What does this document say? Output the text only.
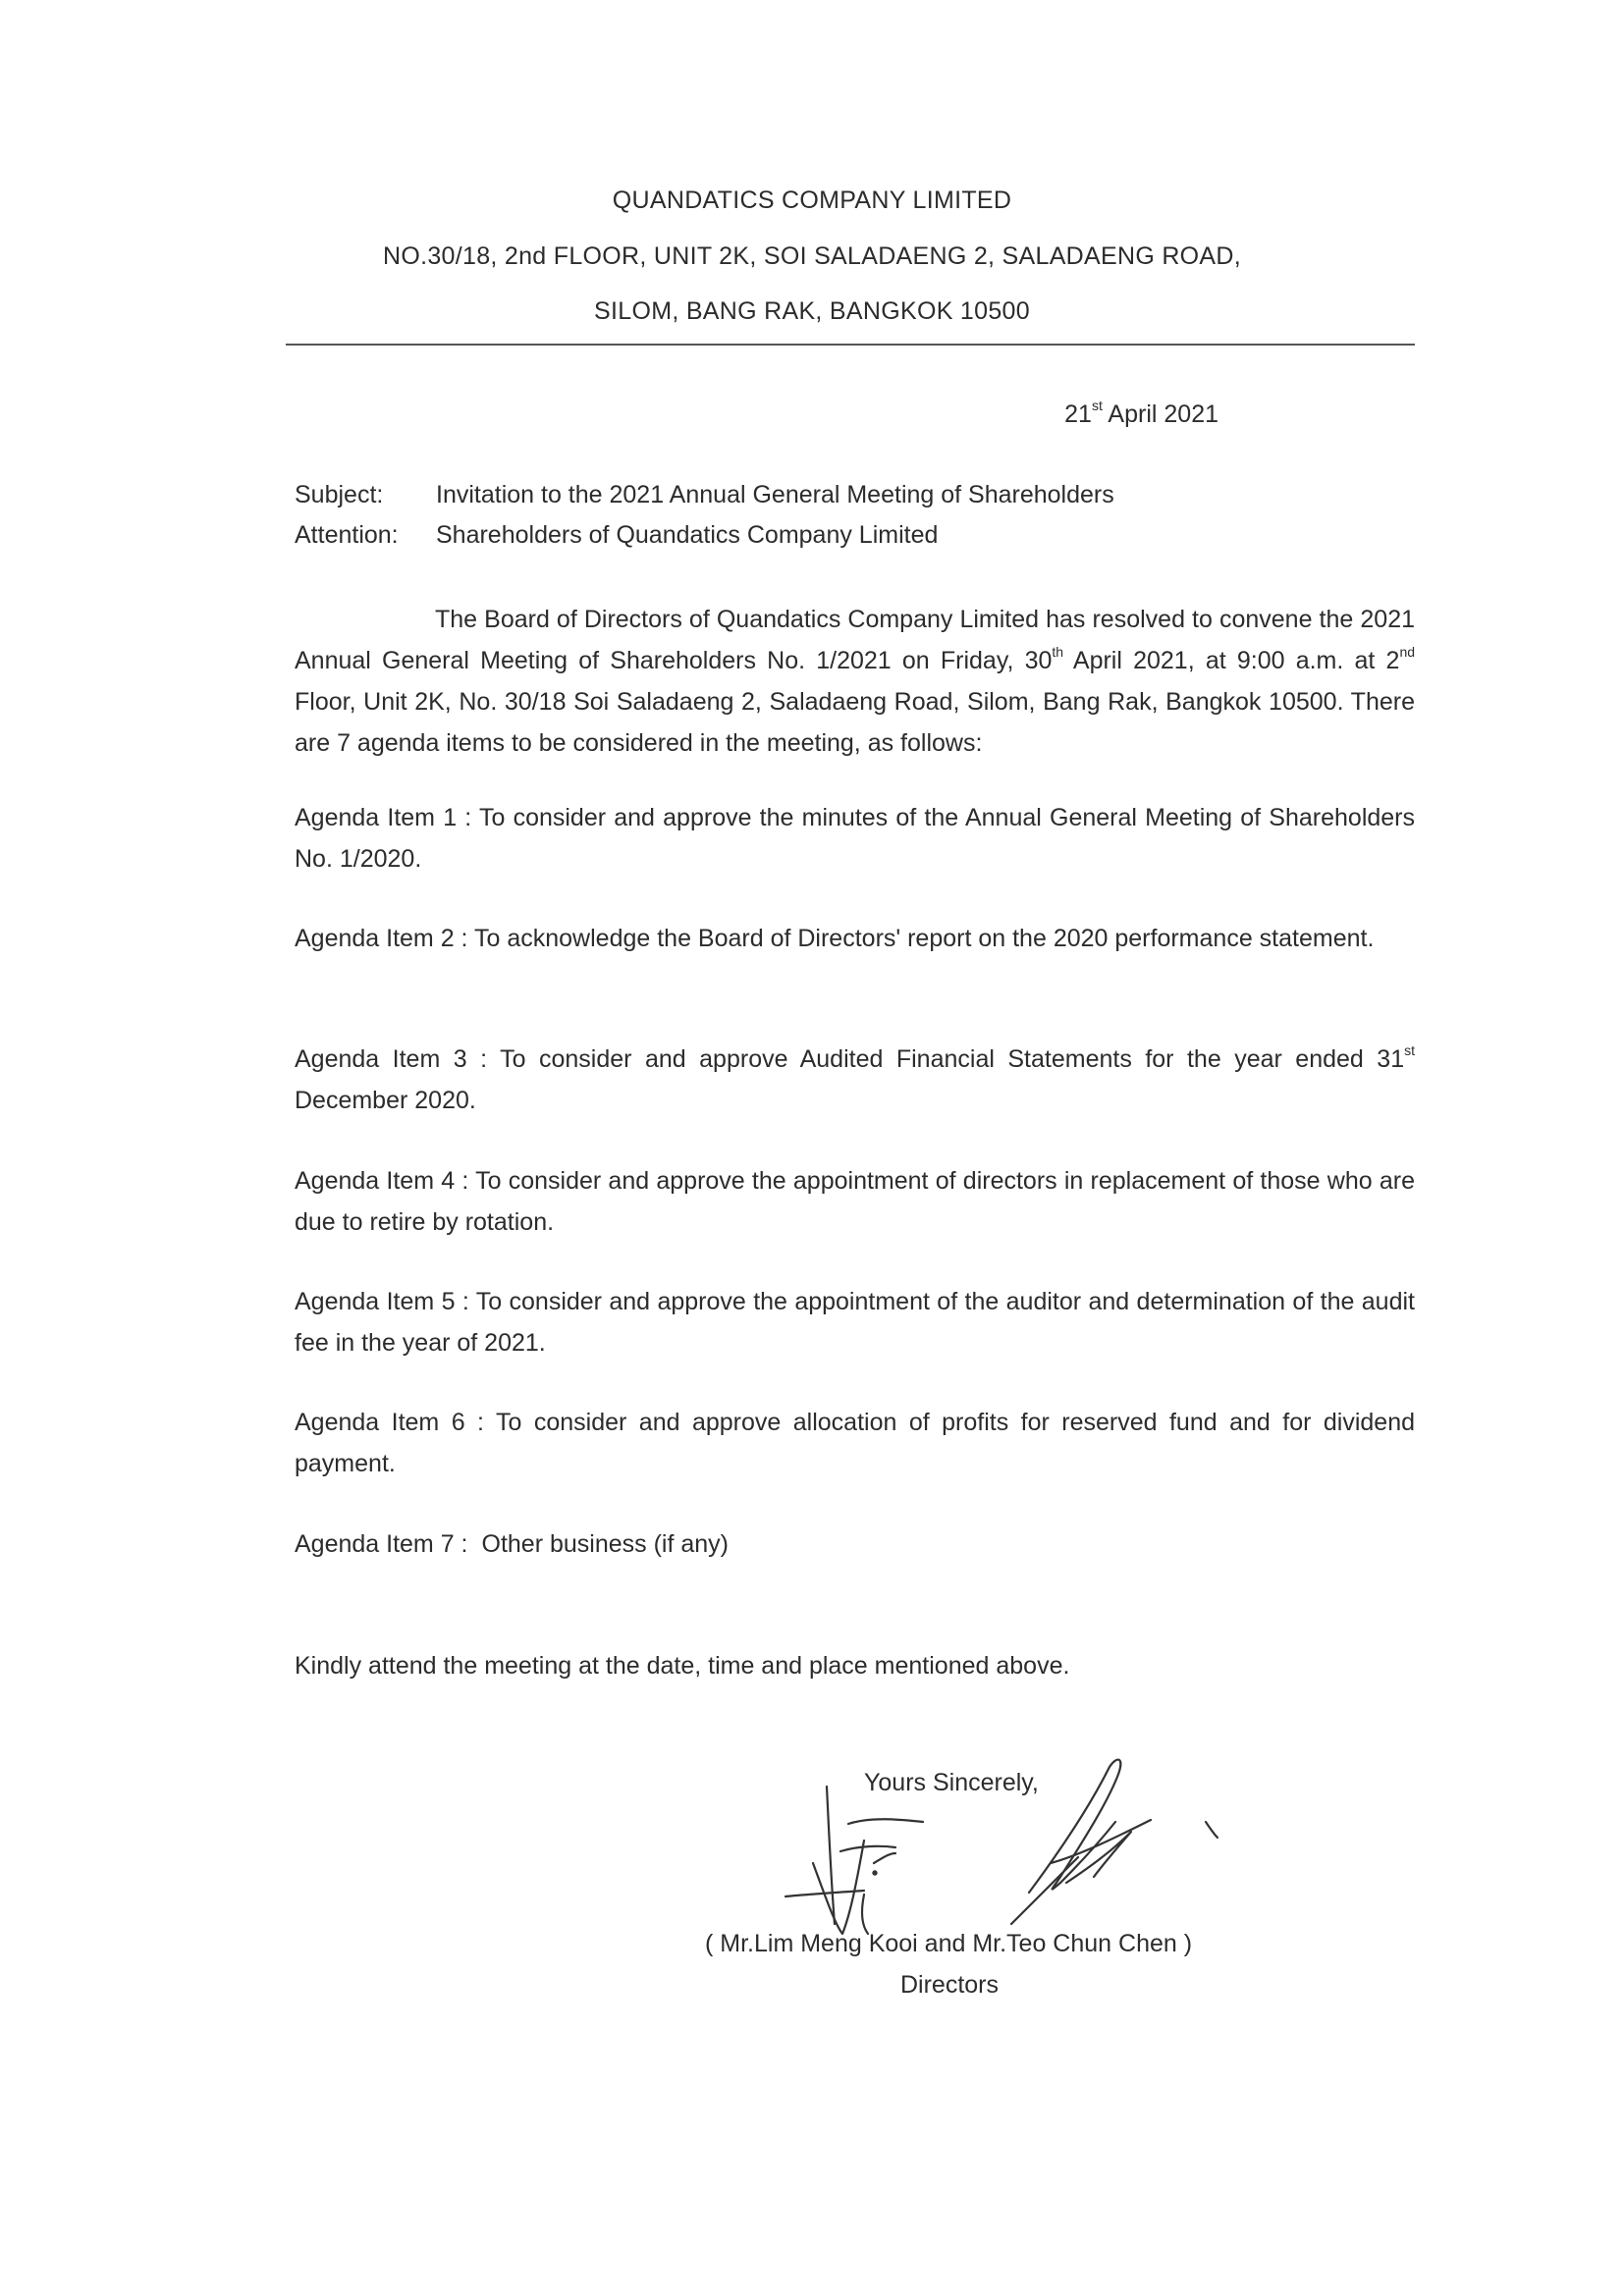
QUANDATICS COMPANY LIMITED
NO.30/18, 2nd FLOOR, UNIT 2K, SOI SALADAENG 2, SALADAENG ROAD,
SILOM, BANG RAK, BANGKOK 10500
21st April 2021
Subject: Invitation to the 2021 Annual General Meeting of Shareholders
Attention: Shareholders of Quandatics Company Limited
The Board of Directors of Quandatics Company Limited has resolved to convene the 2021 Annual General Meeting of Shareholders No. 1/2021 on Friday, 30th April 2021, at 9:00 a.m. at 2nd Floor, Unit 2K, No. 30/18 Soi Saladaeng 2, Saladaeng Road, Silom, Bang Rak, Bangkok 10500. There are 7 agenda items to be considered in the meeting, as follows:
Agenda Item 1 : To consider and approve the minutes of the Annual General Meeting of Shareholders No. 1/2020.
Agenda Item 2 : To acknowledge the Board of Directors' report on the 2020 performance statement.
Agenda Item 3 : To consider and approve Audited Financial Statements for the year ended 31st December 2020.
Agenda Item 4 : To consider and approve the appointment of directors in replacement of those who are due to retire by rotation.
Agenda Item 5 : To consider and approve the appointment of the auditor and determination of the audit fee in the year of 2021.
Agenda Item 6 : To consider and approve allocation of profits for reserved fund and for dividend payment.
Agenda Item 7 : Other business (if any)
Kindly attend the meeting at the date, time and place mentioned above.
Yours Sincerely,
( Mr.Lim Meng Kooi and Mr.Teo Chun Chen )
Directors
